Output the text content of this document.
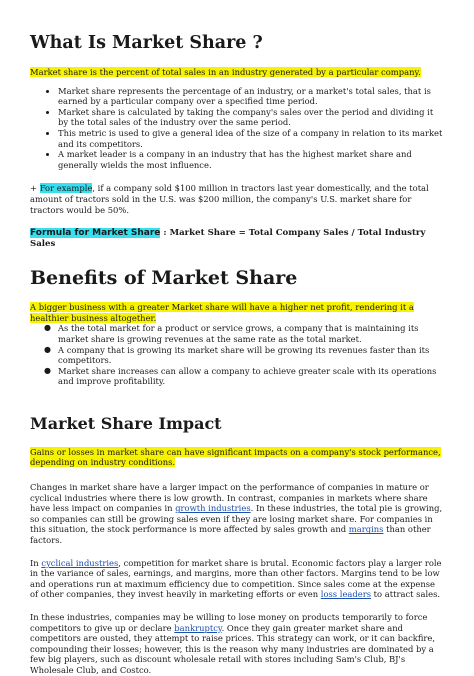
What Is Market Share ?

Market share is the percent of total sales in an industry generated by a particular company.

• Market share represents the percentage of an industry, or a market's total sales, that is earned by a particular company over a specified time period.
• Market share is calculated by taking the company's sales over the period and dividing it by the total sales of the industry over the same period.
• This metric is used to give a general idea of the size of a company in relation to its market and its competitors.
• A market leader is a company in an industry that has the highest market share and generally wields the most influence.

+ For example, if a company sold $100 million in tractors last year domestically, and the total amount of tractors sold in the U.S. was $200 million, the company's U.S. market share for tractors would be 50%.

Formula for Market Share : Market Share = Total Company Sales / Total Industry Sales

Benefits of Market Share

A bigger business with a greater Market share will have a higher net profit, rendering it a healthier business altogether.

● As the total market for a product or service grows, a company that is maintaining its market share is growing revenues at the same rate as the total market.
● A company that is growing its market share will be growing its revenues faster than its competitors.
● Market share increases can allow a company to achieve greater scale with its operations and improve profitability.
Market Share Impact

Gains or losses in market share can have significant impacts on a company's stock performance, depending on industry conditions.

Changes in market share have a larger impact on the performance of companies in mature or cyclical industries where there is low growth. In contrast, companies in markets where share have less impact on companies in growth industries. In these industries, the total pie is growing, so companies can still be growing sales even if they are losing market share. For companies in this situation, the stock performance is more affected by sales growth and margins than other factors.

In cyclical industries, competition for market share is brutal. Economic factors play a larger role in the variance of sales, earnings, and margins, more than other factors. Margins tend to be low and operations run at maximum efficiency due to competition. Since sales come at the expense of other companies, they invest heavily in marketing efforts or even loss leaders to attract sales.

In these industries, companies may be willing to lose money on products temporarily to force competitors to give up or declare bankruptcy. Once they gain greater market share and competitors are ousted, they attempt to raise prices. This strategy can work, or it can backfire, compounding their losses; however, this is the reason why many industries are dominated by a few big players, such as discount wholesale retail with stores including Sam's Club, BJ's Wholesale Club, and Costco.
